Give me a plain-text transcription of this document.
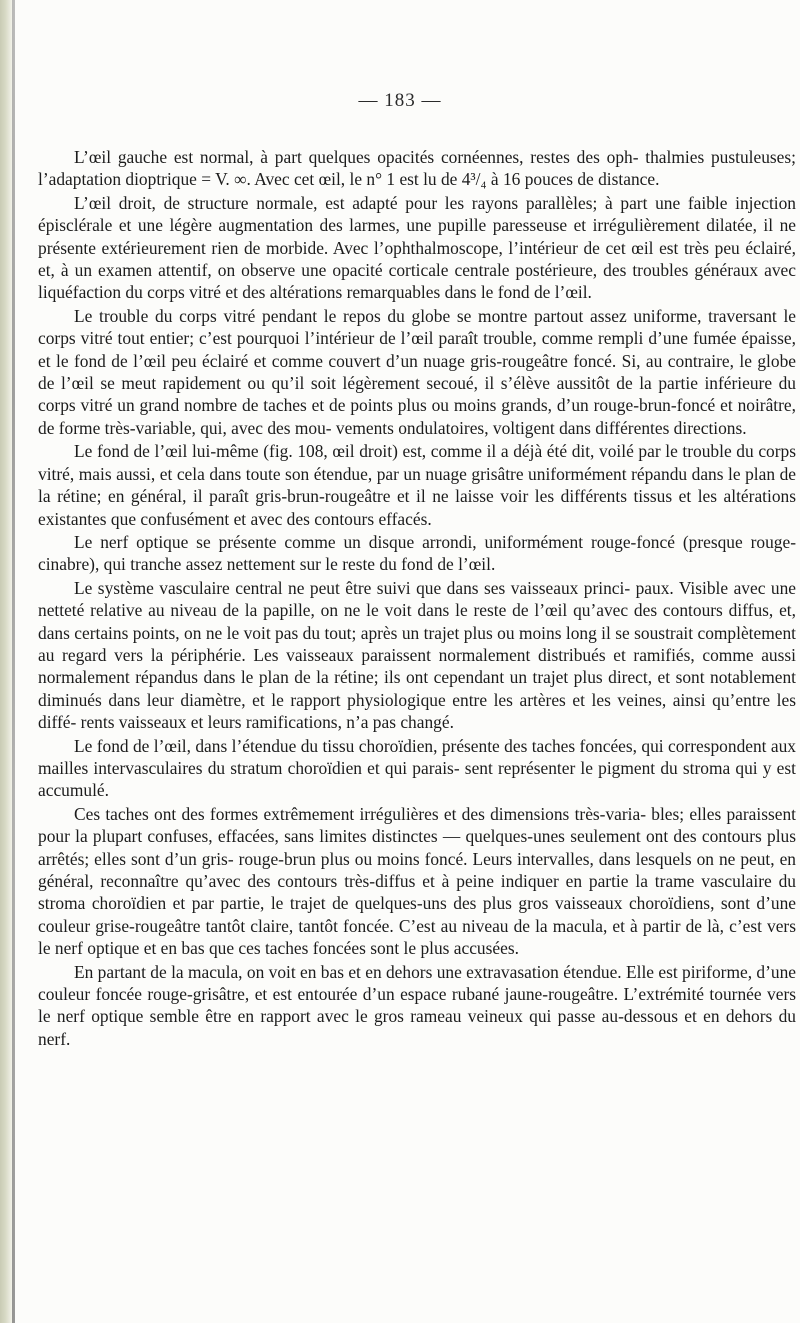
— 183 —

L’œil gauche est normal, à part quelques opacités cornéennes, restes des oph- thalmies pustuleuses; l’adaptation dioptrique = V. ∞. Avec cet œil, le n° 1 est lu de 4³/₄ à 16 pouces de distance.

L’œil droit, de structure normale, est adapté pour les rayons parallèles; à part une faible injection épisclérale et une légère augmentation des larmes, une pupille paresseuse et irrégulièrement dilatée, il ne présente extérieurement rien de morbide. Avec l’ophthalmoscope, l’intérieur de cet œil est très peu éclairé, et, à un examen attentif, on observe une opacité corticale centrale postérieure, des troubles généraux avec liquéfaction du corps vitré et des altérations remarquables dans le fond de l’œil.

Le trouble du corps vitré pendant le repos du globe se montre partout assez uniforme, traversant le corps vitré tout entier; c’est pourquoi l’intérieur de l’œil paraît trouble, comme rempli d’une fumée épaisse, et le fond de l’œil peu éclairé et comme couvert d’un nuage gris-rougeâtre foncé. Si, au contraire, le globe de l’œil se meut rapidement ou qu’il soit légèrement secoué, il s’élève aussitôt de la partie inférieure du corps vitré un grand nombre de taches et de points plus ou moins grands, d’un rouge-brun-foncé et noirâtre, de forme très-variable, qui, avec des mou- vements ondulatoires, voltigent dans différentes directions.

Le fond de l’œil lui-même (fig. 108, œil droit) est, comme il a déjà été dit, voilé par le trouble du corps vitré, mais aussi, et cela dans toute son étendue, par un nuage grisâtre uniformément répandu dans le plan de la rétine; en général, il paraît gris-brun-rougeâtre et il ne laisse voir les différents tissus et les altérations existantes que confusément et avec des contours effacés.

Le nerf optique se présente comme un disque arrondi, uniformément rouge-foncé (presque rouge-cinabre), qui tranche assez nettement sur le reste du fond de l’œil.

Le système vasculaire central ne peut être suivi que dans ses vaisseaux princi- paux. Visible avec une netteté relative au niveau de la papille, on ne le voit dans le reste de l’œil qu’avec des contours diffus, et, dans certains points, on ne le voit pas du tout; après un trajet plus ou moins long il se soustrait complètement au regard vers la périphérie. Les vaisseaux paraissent normalement distribués et ramifiés, comme aussi normalement répandus dans le plan de la rétine; ils ont cependant un trajet plus direct, et sont notablement diminués dans leur diamètre, et le rapport physiologique entre les artères et les veines, ainsi qu’entre les diffé- rents vaisseaux et leurs ramifications, n’a pas changé.

Le fond de l’œil, dans l’étendue du tissu choroïdien, présente des taches foncées, qui correspondent aux mailles intervasculaires du stratum choroïdien et qui parais- sent représenter le pigment du stroma qui y est accumulé.

Ces taches ont des formes extrêmement irrégulières et des dimensions très-varia- bles; elles paraissent pour la plupart confuses, effacées, sans limites distinctes — quelques-unes seulement ont des contours plus arrêtés; elles sont d’un gris- rouge-brun plus ou moins foncé. Leurs intervalles, dans lesquels on ne peut, en général, reconnaître qu’avec des contours très-diffus et à peine indiquer en partie la trame vasculaire du stroma choroïdien et par partie, le trajet de quelques-uns des plus gros vaisseaux choroïdiens, sont d’une couleur grise-rougeâtre tantôt claire, tantôt foncée. C’est au niveau de la macula, et à partir de là, c’est vers le nerf optique et en bas que ces taches foncées sont le plus accusées.

En partant de la macula, on voit en bas et en dehors une extravasation étendue. Elle est piriforme, d’une couleur foncée rouge-grisâtre, et est entourée d’un espace rubané jaune-rougeâtre. L’extrémité tournée vers le nerf optique semble être en rapport avec le gros rameau veineux qui passe au-dessous et en dehors du nerf.
